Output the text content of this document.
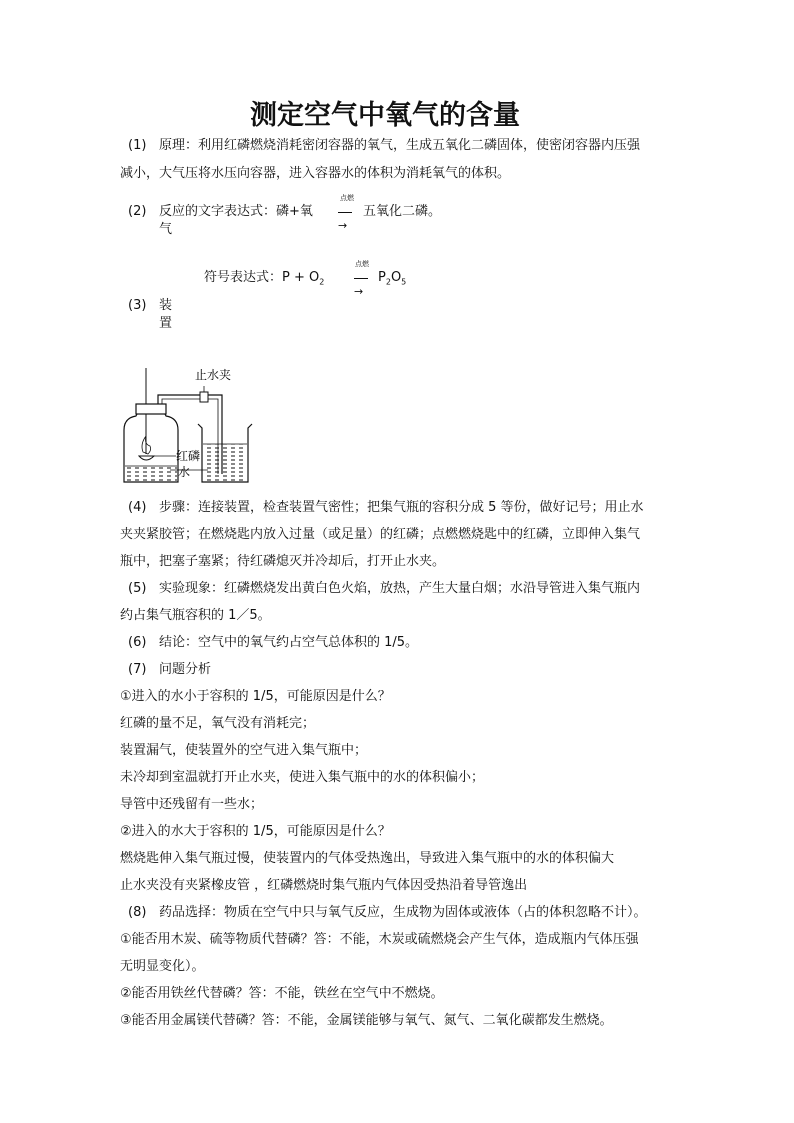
测定空气中氧气的含量
(1) 原理：利用红磷燃烧消耗密闭容器的氧气，生成五氧化二磷固体，使密闭容器内压强
减小，大气压将水压向容器，进入容器水的体积为消耗氧气的体积。
(2) 反应的文字表达式：磷+氧
气
点燃
→
五氧化二磷。
符号表达式：$P + O_2$
点燃
→
$P_2O_5$
(3) 装
置
止水夹
红磷
水
(4) 步骤：连接装置，检查装置气密性；把集气瓶的容积分成 5 等份，做好记号；用止水
夹夹紧胶管；在燃烧匙内放入过量（或足量）的红磷；点燃燃烧匙中的红磷，立即伸入集气
瓶中，把塞子塞紧；待红磷熄灭并冷却后，打开止水夹。
(5) 实验现象：红磷燃烧发出黄白色火焰，放热，产生大量白烟；水沿导管进入集气瓶内
约占集气瓶容积的 1／5。
(6) 结论：空气中的氧气约占空气总体积的 1/5。
(7) 问题分析
①进入的水小于容积的 1/5，可能原因是什么？
红磷的量不足，氧气没有消耗完；
装置漏气，使装置外的空气进入集气瓶中；
未冷却到室温就打开止水夹，使进入集气瓶中的水的体积偏小；
导管中还残留有一些水；
②进入的水大于容积的 1/5，可能原因是什么？
燃烧匙伸入集气瓶过慢，使装置内的气体受热逸出，导致进入集气瓶中的水的体积偏大
止水夹没有夹紧橡皮管 ，红磷燃烧时集气瓶内气体因受热沿着导管逸出
(8) 药品选择：物质在空气中只与氧气反应，生成物为固体或液体（占的体积忽略不计）。
①能否用木炭、硫等物质代替磷？答：不能，木炭或硫燃烧会产生气体，造成瓶内气体压强
无明显变化）。
②能否用铁丝代替磷？答：不能，铁丝在空气中不燃烧。
③能否用金属镁代替磷？答：不能，金属镁能够与氧气、氮气、二氧化碳都发生燃烧。
